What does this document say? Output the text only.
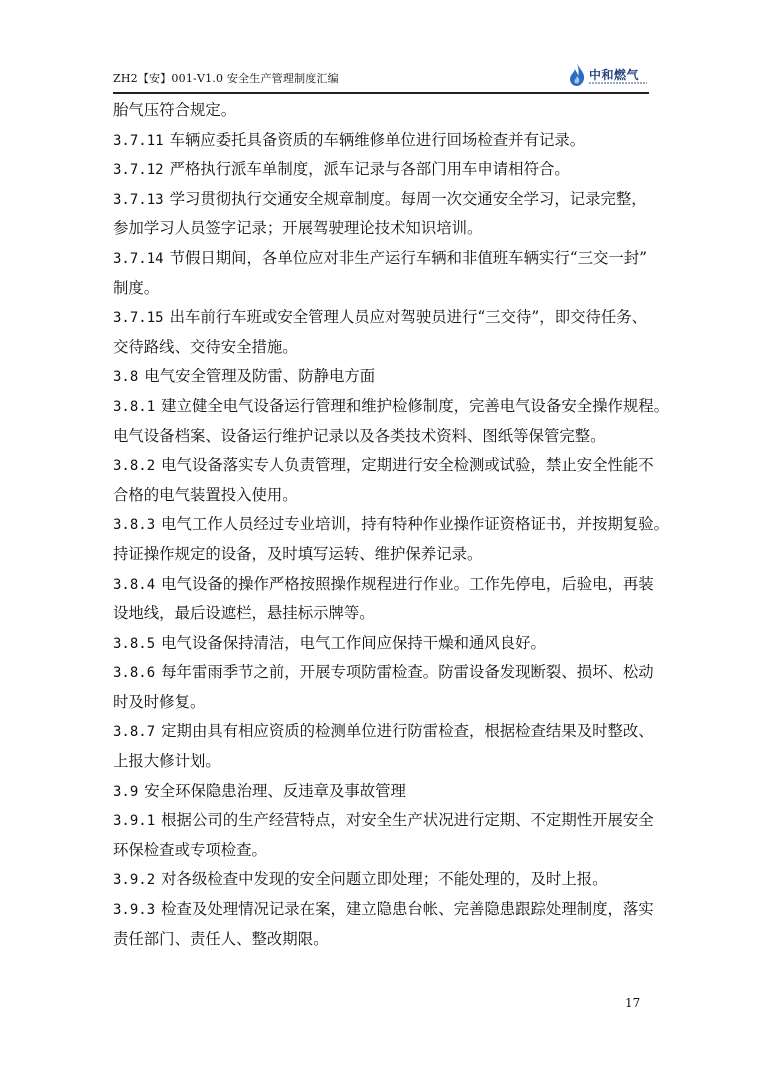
ZH2【安】001-V1.0 安全生产管理制度汇编	中和燃气
胎气压符合规定。
3.7.11 车辆应委托具备资质的车辆维修单位进行回场检查并有记录。
3.7.12 严格执行派车单制度，派车记录与各部门用车申请相符合。
3.7.13 学习贯彻执行交通安全规章制度。每周一次交通安全学习，记录完整，
参加学习人员签字记录；开展驾驶理论技术知识培训。
3.7.14 节假日期间，各单位应对非生产运行车辆和非值班车辆实行“三交一封”
制度。
3.7.15 出车前行车班或安全管理人员应对驾驶员进行“三交待”，即交待任务、
交待路线、交待安全措施。
3.8 电气安全管理及防雷、防静电方面
3.8.1 建立健全电气设备运行管理和维护检修制度，完善电气设备安全操作规程。
电气设备档案、设备运行维护记录以及各类技术资料、图纸等保管完整。
3.8.2 电气设备落实专人负责管理，定期进行安全检测或试验，禁止安全性能不
合格的电气装置投入使用。
3.8.3 电气工作人员经过专业培训，持有特种作业操作证资格证书，并按期复验。
持证操作规定的设备，及时填写运转、维护保养记录。
3.8.4 电气设备的操作严格按照操作规程进行作业。工作先停电，后验电，再装
设地线，最后设遮栏，悬挂标示牌等。
3.8.5 电气设备保持清洁，电气工作间应保持干燥和通风良好。
3.8.6 每年雷雨季节之前，开展专项防雷检查。防雷设备发现断裂、损坏、松动
时及时修复。
3.8.7 定期由具有相应资质的检测单位进行防雷检查，根据检查结果及时整改、
上报大修计划。
3.9 安全环保隐患治理、反违章及事故管理
3.9.1 根据公司的生产经营特点，对安全生产状况进行定期、不定期性开展安全
环保检查或专项检查。
3.9.2 对各级检查中发现的安全问题立即处理；不能处理的，及时上报。
3.9.3 检查及处理情况记录在案，建立隐患台帐、完善隐患跟踪处理制度，落实
责任部门、责任人、整改期限。
17
